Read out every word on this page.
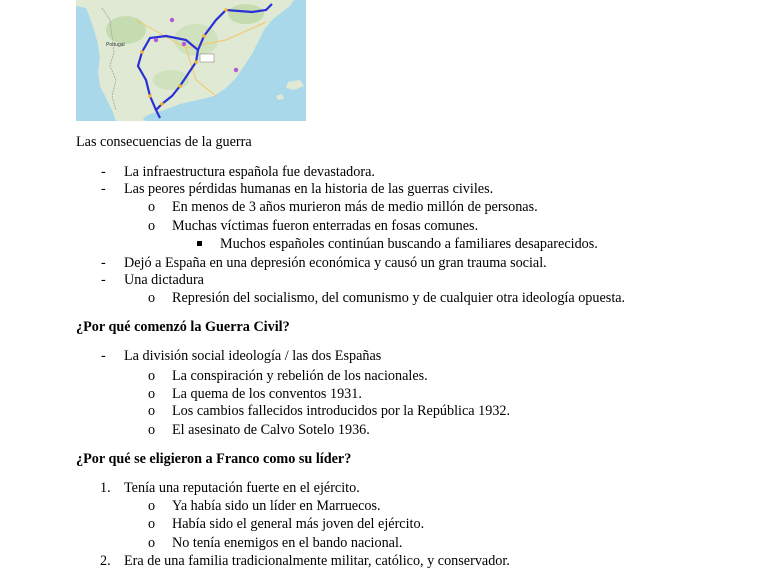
Portugal
Las consecuencias de la guerra
- La infraestructura española fue devastadora.
- Las peores pérdidas humanas en la historia de las guerras civiles.
o En menos de 3 años murieron más de medio millón de personas.
o Muchas víctimas fueron enterradas en fosas comunes.
Muchos españoles continúan buscando a familiares desaparecidos.
- Dejó a España en una depresión económica y causó un gran trauma social.
- Una dictadura
o Represión del socialismo, del comunismo y de cualquier otra ideología opuesta.
¿Por qué comenzó la Guerra Civil?
- La división social ideología / las dos Españas
o La conspiración y rebelión de los nacionales.
o La quema de los conventos 1931.
o Los cambios fallecidos introducidos por la República 1932.
o El asesinato de Calvo Sotelo 1936.
¿Por qué se eligieron a Franco como su líder?
1. Tenía una reputación fuerte en el ejército.
o Ya había sido un líder en Marruecos.
o Había sido el general más joven del ejército.
o No tenía enemigos en el bando nacional.
2. Era de una familia tradicionalmente militar, católico, y conservador.
